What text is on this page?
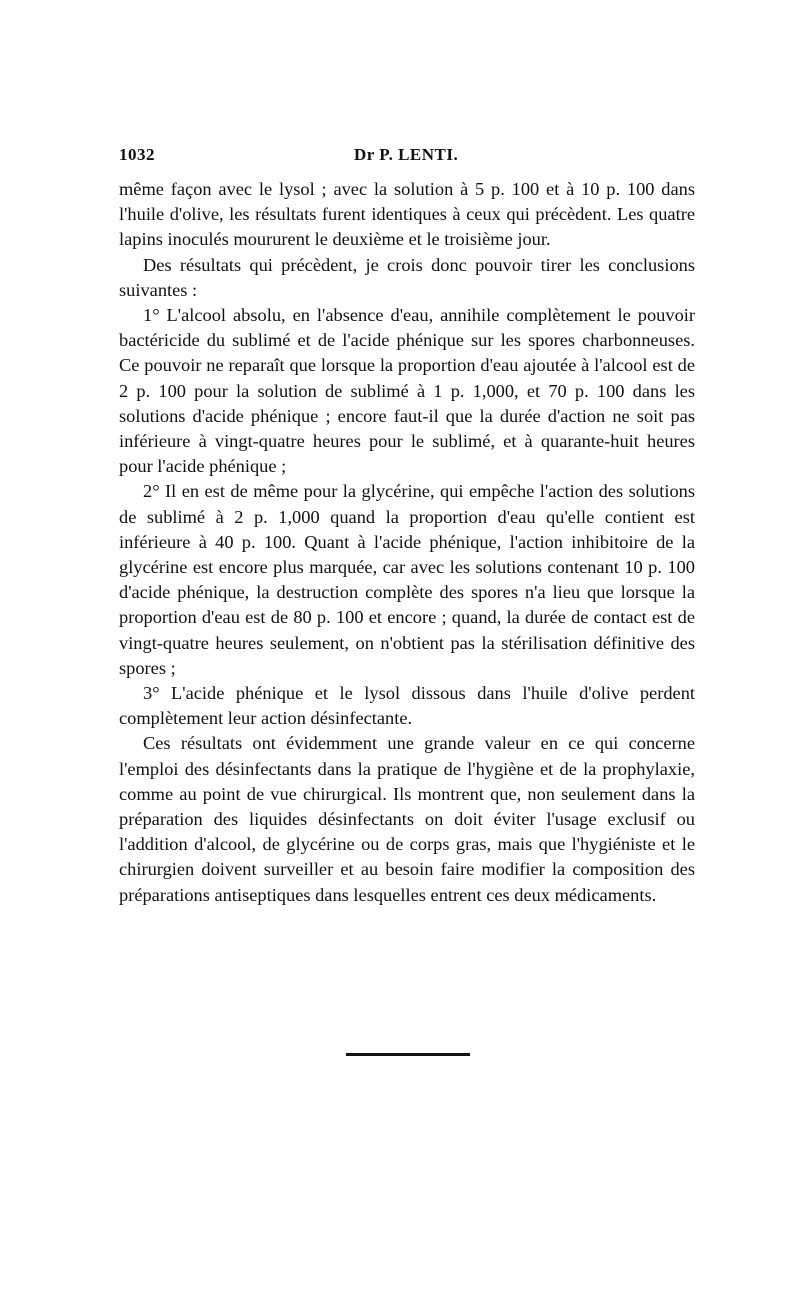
1032	Dr P. LENTI.

même façon avec le lysol ; avec la solution à 5 p. 100 et à 10 p. 100 dans l'huile d'olive, les résultats furent identiques à ceux qui précèdent. Les quatre lapins inoculés moururent le deuxième et le troisième jour.

Des résultats qui précèdent, je crois donc pouvoir tirer les conclusions suivantes :

1° L'alcool absolu, en l'absence d'eau, annihile complètement le pouvoir bactéricide du sublimé et de l'acide phénique sur les spores charbonneuses. Ce pouvoir ne reparaît que lorsque la proportion d'eau ajoutée à l'alcool est de 2 p. 100 pour la solution de sublimé à 1 p. 1,000, et 70 p. 100 dans les solutions d'acide phénique ; encore faut-il que la durée d'action ne soit pas inférieure à vingt-quatre heures pour le sublimé, et à quarante-huit heures pour l'acide phénique ;

2° Il en est de même pour la glycérine, qui empêche l'action des solutions de sublimé à 2 p. 1,000 quand la proportion d'eau qu'elle contient est inférieure à 40 p. 100. Quant à l'acide phénique, l'action inhibitoire de la glycérine est encore plus marquée, car avec les solutions contenant 10 p. 100 d'acide phénique, la destruction complète des spores n'a lieu que lorsque la proportion d'eau est de 80 p. 100 et encore ; quand, la durée de contact est de vingt-quatre heures seulement, on n'obtient pas la stérilisation définitive des spores ;

3° L'acide phénique et le lysol dissous dans l'huile d'olive perdent complètement leur action désinfectante.

Ces résultats ont évidemment une grande valeur en ce qui concerne l'emploi des désinfectants dans la pratique de l'hygiène et de la prophylaxie, comme au point de vue chirurgical. Ils montrent que, non seulement dans la préparation des liquides désinfectants on doit éviter l'usage exclusif ou l'addition d'alcool, de glycérine ou de corps gras, mais que l'hygiéniste et le chirurgien doivent surveiller et au besoin faire modifier la composition des préparations antiseptiques dans lesquelles entrent ces deux médicaments.
